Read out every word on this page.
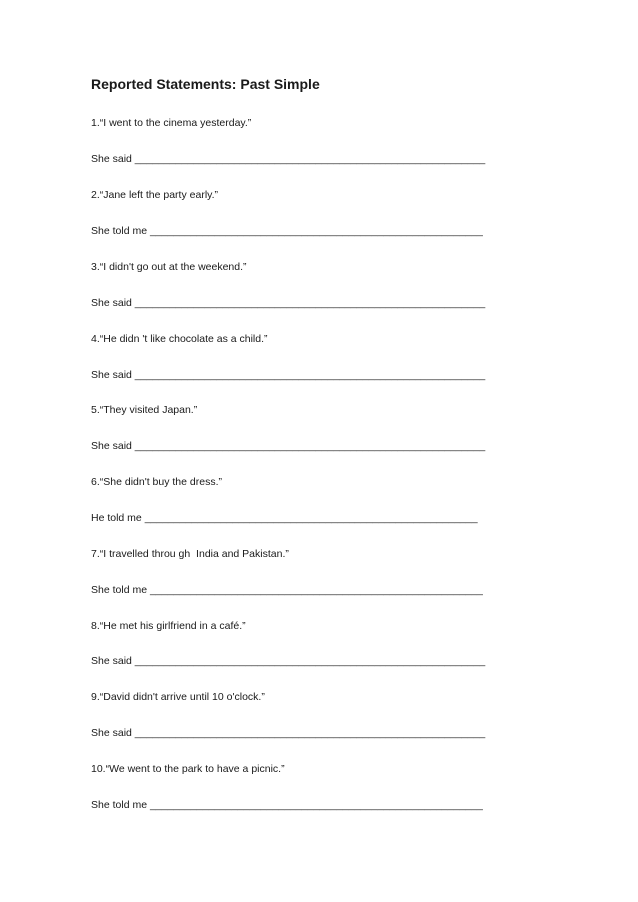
Reported Statements: Past Simple
1.“I went to the cinema yesterday.”
She said ____________________________________________________________
2.“Jane left the party early.”
She told me _________________________________________________________
3.“I didn't go out at the weekend.”
She said ____________________________________________________________
4.“He didn 't like chocolate as a child.”
She said ____________________________________________________________
5.“They visited Japan.”
She said ____________________________________________________________
6.“She didn't buy the dress.”
He told me _________________________________________________________
7.“I travelled throu gh  India and Pakistan.”
She told me _________________________________________________________
8.“He met his girlfriend in a café.”
She said ____________________________________________________________
9.“David didn't arrive until 10 o'clock.”
She said ____________________________________________________________
10.“We went to the park to have a picnic.”
She told me _________________________________________________________
